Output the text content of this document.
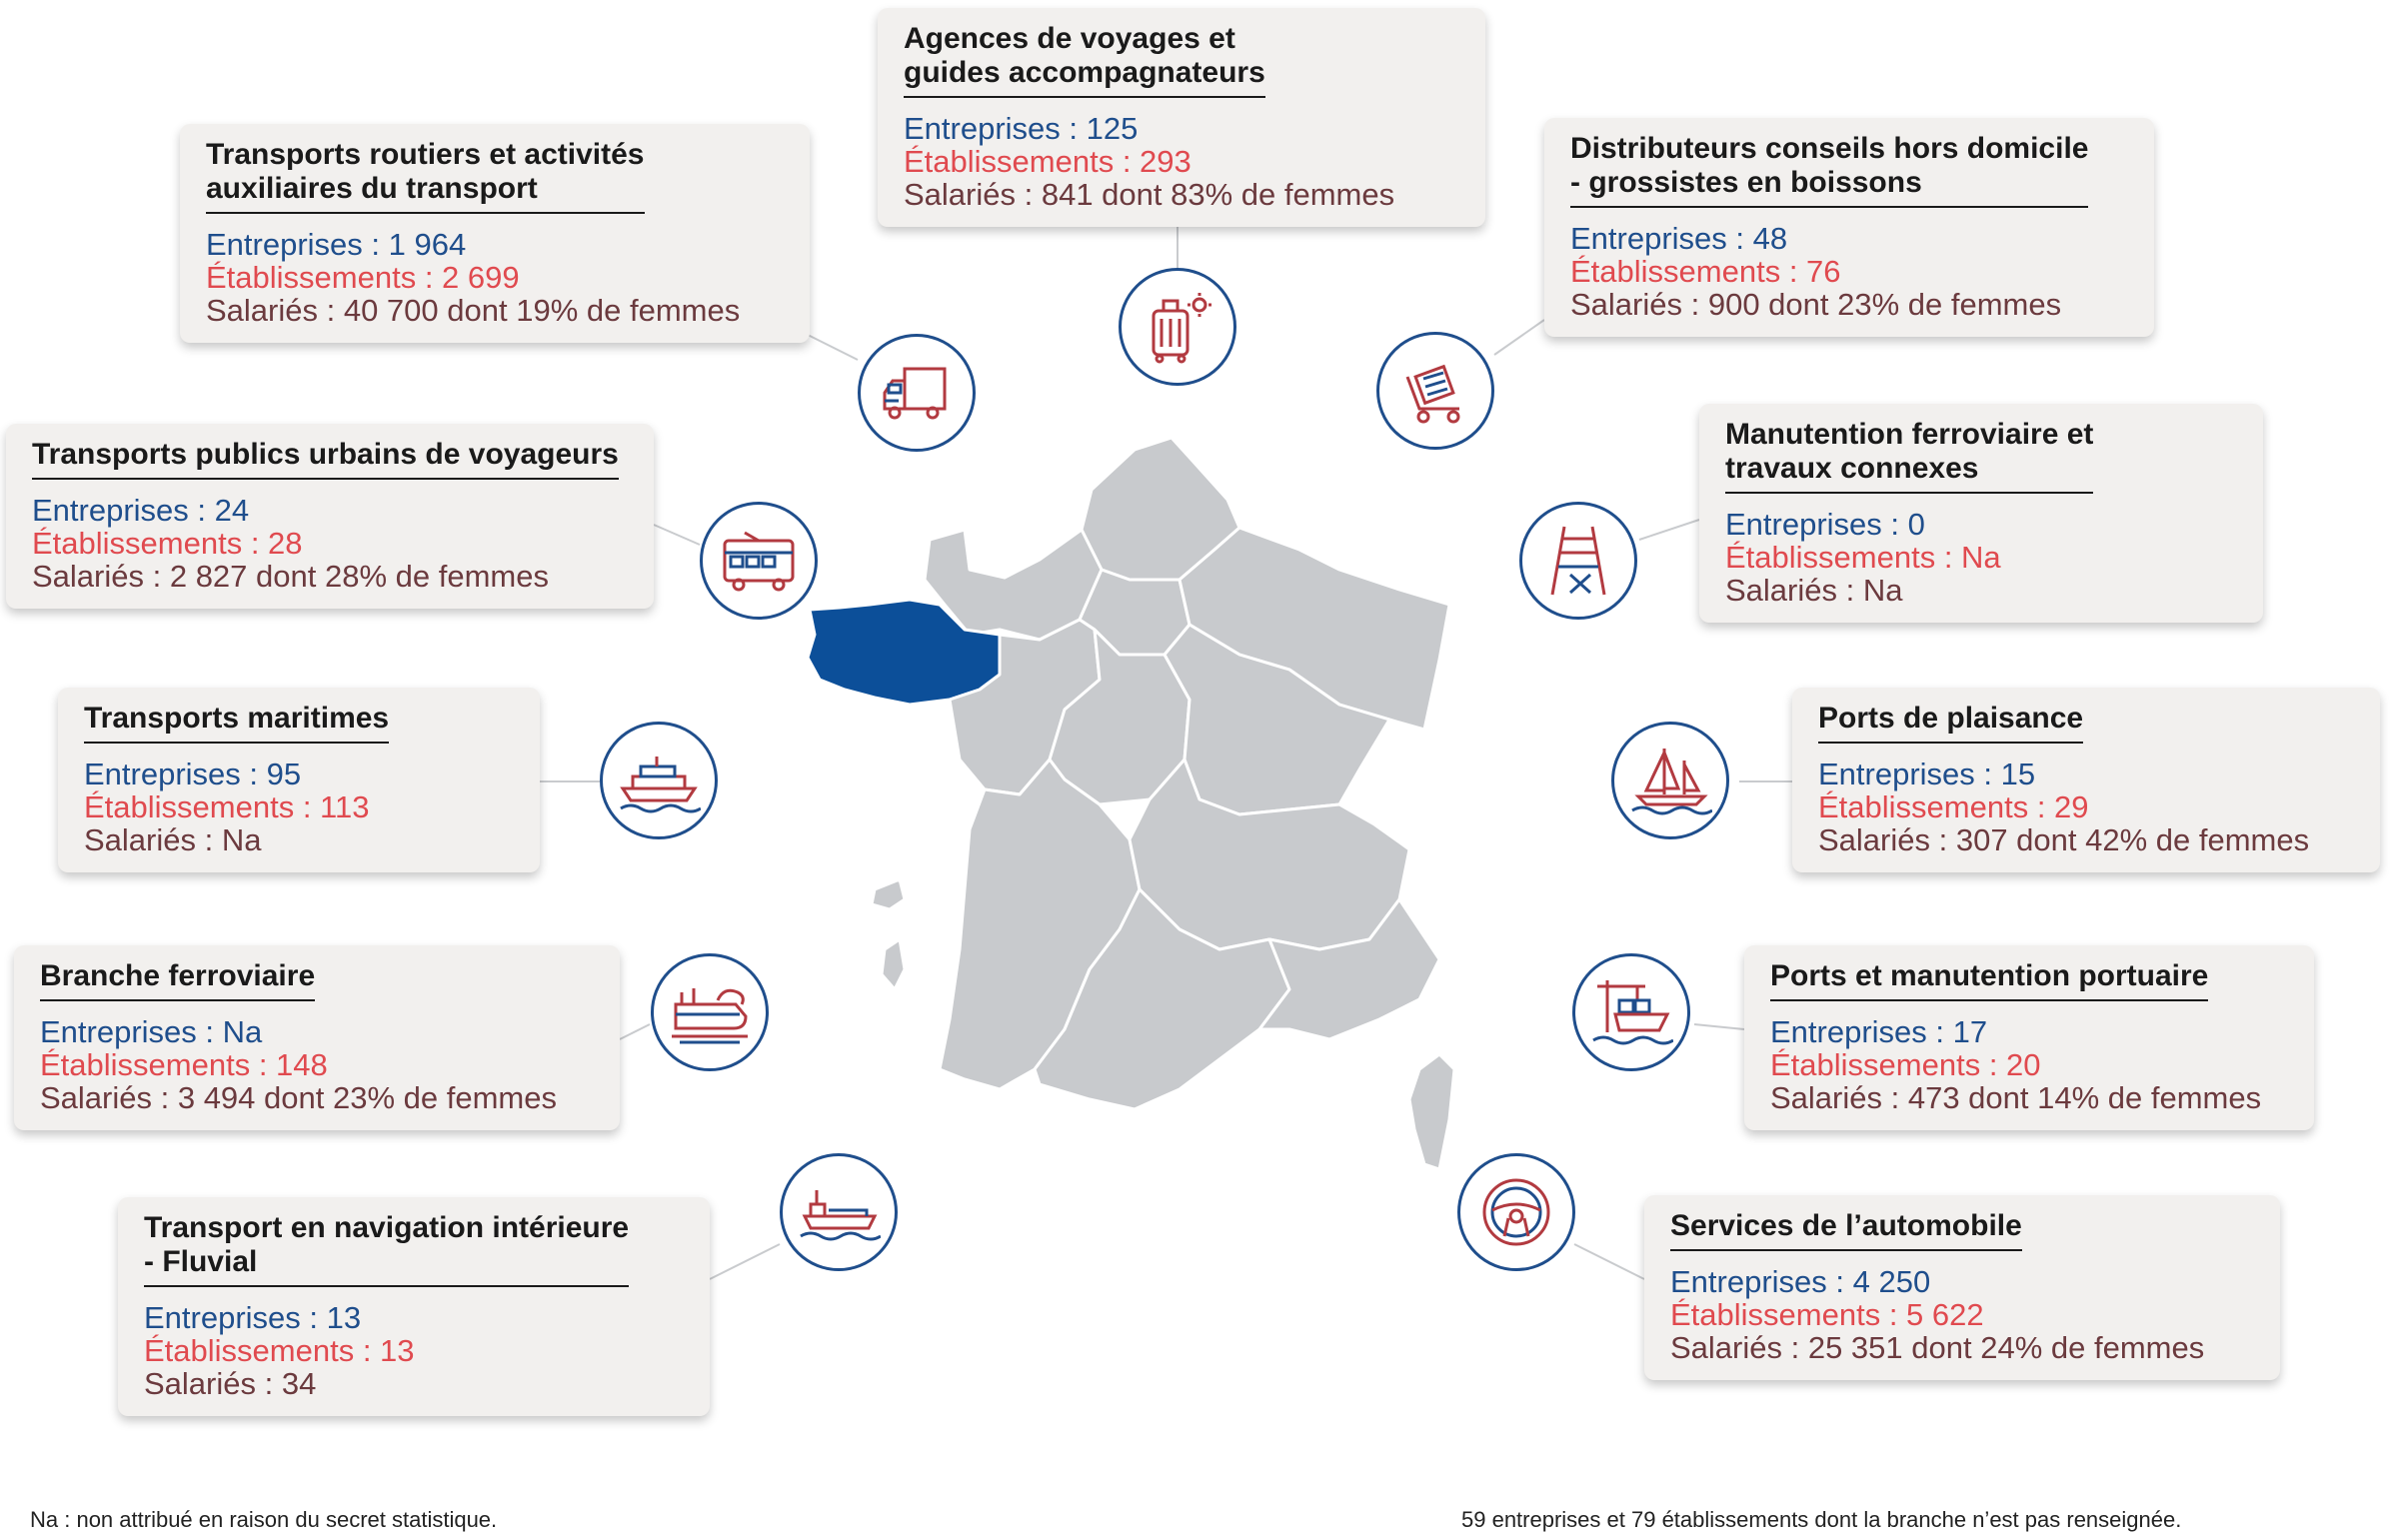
Agences de voyages et
guides accompagnateurs
Entreprises : 125
Établissements : 293
Salariés : 841 dont 83% de femmes
Transports routiers et activités
auxiliaires du transport
Entreprises : 1 964
Établissements : 2 699
Salariés : 40 700 dont 19% de femmes
Distributeurs conseils hors domicile
- grossistes en boissons
Entreprises : 48
Établissements : 76
Salariés : 900 dont 23% de femmes
Transports publics urbains de voyageurs
Entreprises : 24
Établissements : 28
Salariés : 2 827 dont 28% de femmes
Manutention ferroviaire et
travaux connexes
Entreprises : 0
Établissements : Na
Salariés : Na
Transports maritimes
Entreprises : 95
Établissements : 113
Salariés : Na
Ports de plaisance
Entreprises : 15
Établissements : 29
Salariés : 307 dont 42% de femmes
Branche ferroviaire
Entreprises : Na
Établissements : 148
Salariés : 3 494 dont 23% de femmes
Ports et manutention portuaire
Entreprises : 17
Établissements : 20
Salariés : 473 dont 14% de femmes
Transport en navigation intérieure
- Fluvial
Entreprises : 13
Établissements : 13
Salariés : 34
Services de l’automobile
Entreprises : 4 250
Établissements : 5 622
Salariés : 25 351 dont 24% de femmes
Na : non attribué en raison du secret statistique.	59 entreprises et 79 établissements dont la branche n’est pas renseignée.
